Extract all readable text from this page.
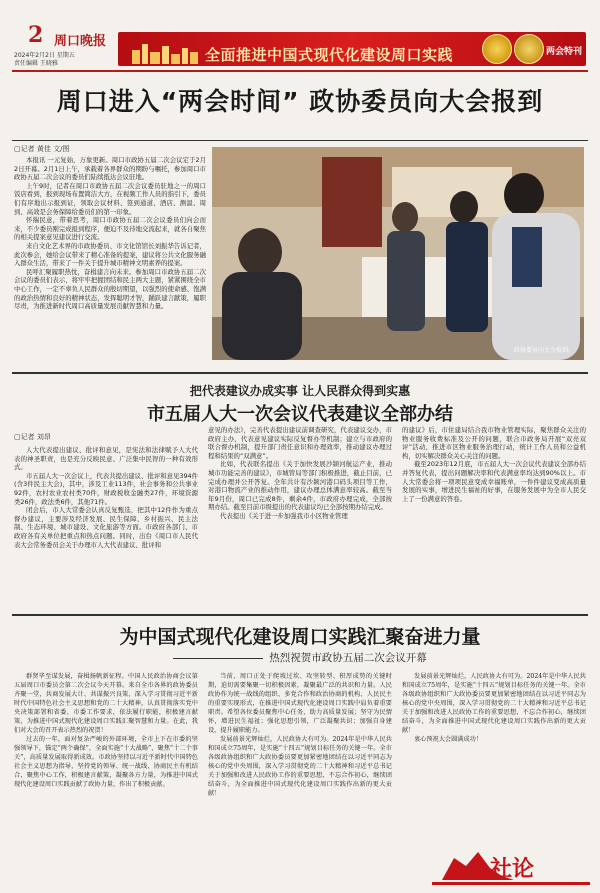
2 周口晚报
2024年2月2日 星期五
责任编辑 王晓雅	全面推进中国式现代化建设周口实践	两会特刊
周口进入“两会时间” 政协委员向大会报到
▢记者 黄佳 文/图

本报讯 一元复始，万象更新。周口市政协五届二次会议定于2月2日开幕。2月1日上午，承载着各界群众的期盼与嘱托，参加周口市政协五届二次会议的委员们陆续抵达会议驻地。

上午9时，记者在周口市政协五届二次会议委员驻地之一的周口饭店看到，报到现场布置简洁大方，在视频工作人员的指引下，委员们有序地出示报到证，领取会议材料、签到通道、酒店、测温、周到、高效是会务保障给委员们的第一印象。

怀揣民意，带着思考，周口市政协五届二次会议委员们向会而来，不少委员刚完成报到程序，便迫不及待地交流起来，就各自聚焦的相关提案意见建议进行交流。

来自文化艺术界的市政协委员、市文化馆馆长刘振华告诉记者，此次参会，她给会议带来了精心准备的提案，建议将公共文化服务融入群众生活，带来了一件关于提升城市精神文明素养的提案。

民呼汇聚履职热忱，奋楫建言向未来。参加周口市政协五届二次会议的委员们表示，将牢牢把握团结和民主两大主题，紧紧围绕全市中心工作，一定不辜负人民群众的殷切期望，以强烈的使命感、饱满的政治热情和良好的精神状态，发挥聪明才智，踊跃建言献策，履职尽责，为推进新时代周口高质量发展贡献智慧和力量。

政协委员向大会报到。
把代表建议办成实事 让人民群众得到实惠
市五届人大一次会议代表建议全部办结
▢记者 刘昂

人大代表提出建议、批评和意见，是宪法和法律赋予人大代表的神圣职责，也是充分反映民意、广泛集中民智的一种有效形式。

市五届人大一次会议上，代表共提出建议、批评和意见394件(含3件民主大会)，其中，涉及工业113件，社会事务和公共事业92件，农村农业农村类70件，财政税收金融类27件，环境资源类26件，政法类6件，其他71件。

闭会后，市人大常委会认真反复甄选，把其中12件作为重点督办建议，主要涉及经济发展、民生保障、乡村振兴、民主法制、生态环境、城市建设、文化旅游等方面。市政府各部门、市政府各有关单位把重点和热点问题。同时，出台《周口市人民代表大会常务委员会关于办理市人大代表建议、批评和

意见的办法》，完善代表提出建议前调查研究，代表建议交办，市政府主办、代表意见建议实际反复督办等机制；建立与市政府的联合督办机制，提升部门责任意识和办理效率，推动建议办理过程和结果的“双满意”。

比如，代表联名提出《关于加快发展沙颍河航运产业，推动城市功能完善的建议》，市城管局等部门积极推进，截止目前，已完成办理并公开答复。全年共计有沙颍河港口码头项目等工作，对港口物流产业的推动作用，建议办理总体满意率较高。截至当年9月份，周口已完成8件，剩余4件，市政府办理完成，全部按期办结。截至目前市级提出的代表建议均已全部按期办结完成。

代表提出《关于进一步加强我市小区物业管理

的建议》后，市住建局结合我市物业管理实际，聚焦群众关注的物业服务收费标准及公开的问题，联合市政务局开展“双亮双评”活动，推进市区物业服务治理行动，统计工作人员和公益机构，切实解决群众关心关注的问题。

截至2023年12月底，市五届人大一次会议代表建议全部办结并答复代表，提出问题解决率和代表满意率均达到90%以上。市人大常委会将一项项民意变成幸福账单，一件件建议变成高质量发展的实事，增进民生福祉的好事，在服务发展中为全市人民交上了一份满意的答卷。

为中国式现代化建设周口实践汇聚奋进力量
热烈祝贺市政协五届二次会议开幕

群贤毕至谋发展，奋楫扬帆新征程。中国人民政治协商会议第五届周口市委员会第二次会议今天开幕。来自全市各界的政协委员齐聚一堂，共商发展大计、共谋振兴良策，深入学习贯彻习近平新时代中国特色社会主义思想和党的二十大精神，认真贯彻落实党中央决策部署和省委、市委工作要求，依法履行职能，积极建言献策，为推进中国式现代化建设周口实践汇聚智慧和力量。在此，我们对大会的召开表示热烈的祝贺！

过去的一年，面对复杂严峻的外部环境，全市上下在市委的坚强领导下，锚定“两个确保”，全面实施“十大战略”，聚焦“十二个事关”，高质量发展取得新成效。市政协坚持以习近平新时代中国特色社会主义思想为指导，坚持党的领导、统一战线、协商民主有机结合，聚焦中心工作，积极建言献策，凝聚各方力量，为推进中国式现代化建设周口实践贡献了政协力量，作出了积极贡献。

当前，周口正处于爬坡过坎、攻坚转型、积厚成势的关键时期，迫切需要集聚一切积极因素，凝聚最广泛的共识和力量。人民政协作为统一战线的组织、多党合作和政治协商的机构、人民民主的重要实现形式，在推进中国式现代化建设周口实践中肩负着重要职责。希望各位委员聚焦中心任务，助力高质量发展；坚守为民情怀，增进民生福祉；强化思想引领，广泛凝聚共识；加强自身建设，提升履职能力。

发展前景光辉灿烂，人民政协大有可为。2024年是中华人民共和国成立75周年，是实施“十四五”规划目标任务的关键一年。全市各级政协组织和广大政协委员要更加紧密地团结在以习近平同志为核心的党中央周围，深入学习贯彻党的二十大精神和习近平总书记关于加强和改进人民政协工作的重要思想，不忘合作初心，继续团结奋斗，为全面推进中国式现代化建设周口实践作出新的更大贡献！

发展前景光辉灿烂，人民政协大有可为。2024年是中华人民共和国成立75周年，是实施“十四五”规划目标任务的关键一年。全市各级政协组织和广大政协委员要更加紧密地团结在以习近平同志为核心的党中央周围，深入学习贯彻党的二十大精神和习近平总书记关于加强和改进人民政协工作的重要思想，不忘合作初心，继续团结奋斗，为全面推进中国式现代化建设周口实践作出新的更大贡献！

衷心预祝大会圆满成功！

社论
